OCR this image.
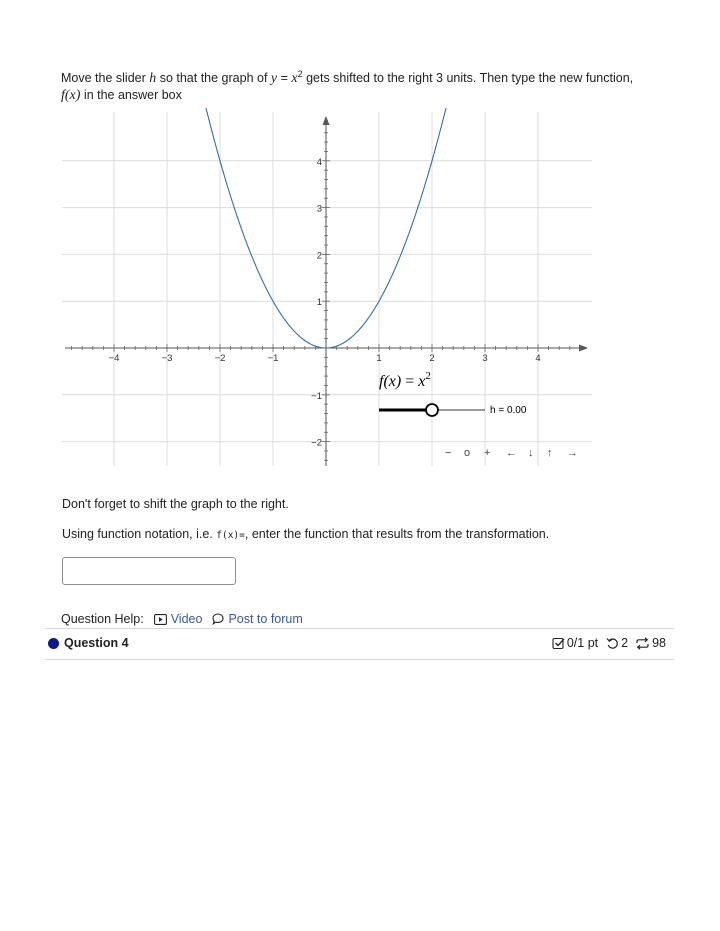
Move the slider h so that the graph of $y = x^2$ gets shifted to the right 3 units. Then type the new function,
f(x) in the answer box
−4	−3	−2	−1	1	2	3	4
4
3
2
1
−1
−2
$f(x) = x^2$
h = 0.00
− o + ← ↓ ↑ →
Don't forget to shift the graph to the right.
Using function notation, i.e. f(x)=, enter the function that results from the transformation.
Question Help: Video Post to forum
Question 4	0/1 pt 2 98
